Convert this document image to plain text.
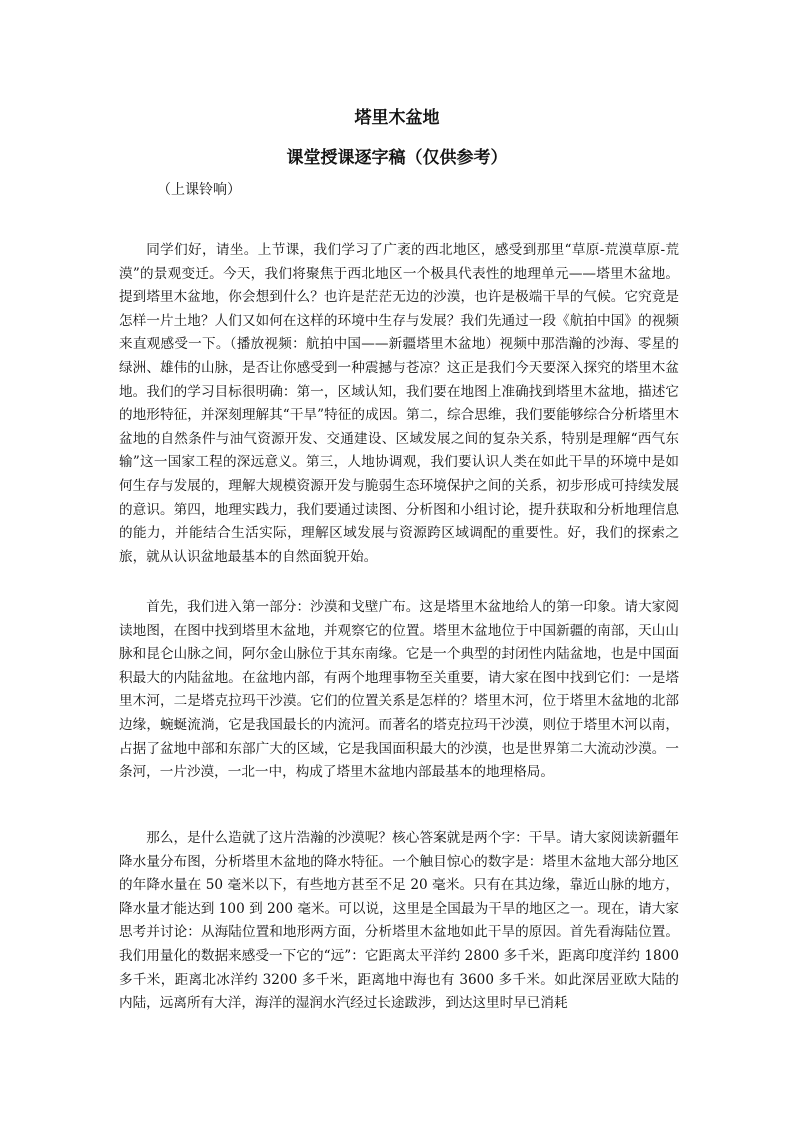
塔里木盆地
课堂授课逐字稿（仅供参考）
（上课铃响）

同学们好，请坐。上节课，我们学习了广袤的西北地区，感受到那里“草原-荒漠草原-荒漠”的景观变迁。今天，我们将聚焦于西北地区一个极具代表性的地理单元——塔里木盆地。提到塔里木盆地，你会想到什么？也许是茫茫无边的沙漠，也许是极端干旱的气候。它究竟是怎样一片土地？人们又如何在这样的环境中生存与发展？我们先通过一段《航拍中国》的视频来直观感受一下。（播放视频：航拍中国——新疆塔里木盆地）视频中那浩瀚的沙海、零星的绿洲、雄伟的山脉，是否让你感受到一种震撼与苍凉？这正是我们今天要深入探究的塔里木盆地。我们的学习目标很明确：第一，区域认知，我们要在地图上准确找到塔里木盆地，描述它的地形特征，并深刻理解其“干旱”特征的成因。第二，综合思维，我们要能够综合分析塔里木盆地的自然条件与油气资源开发、交通建设、区域发展之间的复杂关系，特别是理解“西气东输”这一国家工程的深远意义。第三，人地协调观，我们要认识人类在如此干旱的环境中是如何生存与发展的，理解大规模资源开发与脆弱生态环境保护之间的关系，初步形成可持续发展的意识。第四，地理实践力，我们要通过读图、分析图和小组讨论，提升获取和分析地理信息的能力，并能结合生活实际，理解区域发展与资源跨区域调配的重要性。好，我们的探索之旅，就从认识盆地最基本的自然面貌开始。

首先，我们进入第一部分：沙漠和戈壁广布。这是塔里木盆地给人的第一印象。请大家阅读地图，在图中找到塔里木盆地，并观察它的位置。塔里木盆地位于中国新疆的南部，天山山脉和昆仑山脉之间，阿尔金山脉位于其东南缘。它是一个典型的封闭性内陆盆地，也是中国面积最大的内陆盆地。在盆地内部，有两个地理事物至关重要，请大家在图中找到它们：一是塔里木河，二是塔克拉玛干沙漠。它们的位置关系是怎样的？塔里木河，位于塔里木盆地的北部边缘，蜿蜒流淌，它是我国最长的内流河。而著名的塔克拉玛干沙漠，则位于塔里木河以南，占据了盆地中部和东部广大的区域，它是我国面积最大的沙漠，也是世界第二大流动沙漠。一条河，一片沙漠，一北一中，构成了塔里木盆地内部最基本的地理格局。

那么，是什么造就了这片浩瀚的沙漠呢？核心答案就是两个字：干旱。请大家阅读新疆年降水量分布图，分析塔里木盆地的降水特征。一个触目惊心的数字是：塔里木盆地大部分地区的年降水量在 50 毫米以下，有些地方甚至不足 20 毫米。只有在其边缘，靠近山脉的地方，降水量才能达到 100 到 200 毫米。可以说，这里是全国最为干旱的地区之一。现在，请大家思考并讨论：从海陆位置和地形两方面，分析塔里木盆地如此干旱的原因。首先看海陆位置。我们用量化的数据来感受一下它的“远”：它距离太平洋约 2800 多千米，距离印度洋约 1800 多千米，距离北冰洋约 3200 多千米，距离地中海也有 3600 多千米。如此深居亚欧大陆的内陆，远离所有大洋，海洋的湿润水汽经过长途跋涉，到达这里时早已消耗
